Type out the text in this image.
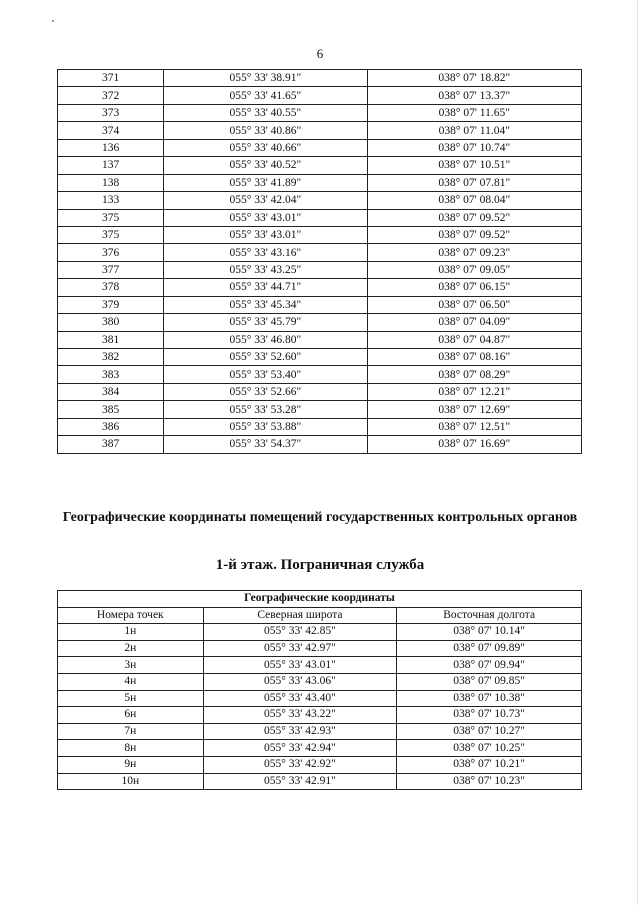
6
371	055° 33' 38.91"	038° 07' 18.82"
372	055° 33' 41.65"	038° 07' 13.37"
373	055° 33' 40.55"	038° 07' 11.65"
374	055° 33' 40.86"	038° 07' 11.04"
136	055° 33' 40.66"	038° 07' 10.74"
137	055° 33' 40.52"	038° 07' 10.51"
138	055° 33' 41.89"	038° 07' 07.81"
133	055° 33' 42.04"	038° 07' 08.04"
375	055° 33' 43.01"	038° 07' 09.52"
375	055° 33' 43.01"	038° 07' 09.52"
376	055° 33' 43.16"	038° 07' 09.23"
377	055° 33' 43.25"	038° 07' 09.05"
378	055° 33' 44.71"	038° 07' 06.15"
379	055° 33' 45.34"	038° 07' 06.50"
380	055° 33' 45.79"	038° 07' 04.09"
381	055° 33' 46.80"	038° 07' 04.87"
382	055° 33' 52.60"	038° 07' 08.16"
383	055° 33' 53.40"	038° 07' 08.29"
384	055° 33' 52.66"	038° 07' 12.21"
385	055° 33' 53.28"	038° 07' 12.69"
386	055° 33' 53.88"	038° 07' 12.51"
387	055° 33' 54.37"	038° 07' 16.69"
Географические координаты помещений государственных контрольных органов
1-й этаж. Пограничная служба
Географические координаты		
Номера точек	Северная широта	Восточная долгота
1н	055° 33' 42.85"	038° 07' 10.14"
2н	055° 33' 42.97"	038° 07' 09.89"
3н	055° 33' 43.01"	038° 07' 09.94"
4н	055° 33' 43.06"	038° 07' 09.85"
5н	055° 33' 43.40"	038° 07' 10.38"
6н	055° 33' 43.22"	038° 07' 10.73"
7н	055° 33' 42.93"	038° 07' 10.27"
8н	055° 33' 42.94"	038° 07' 10.25"
9н	055° 33' 42.92"	038° 07' 10.21"
10н	055° 33' 42.91"	038° 07' 10.23"
